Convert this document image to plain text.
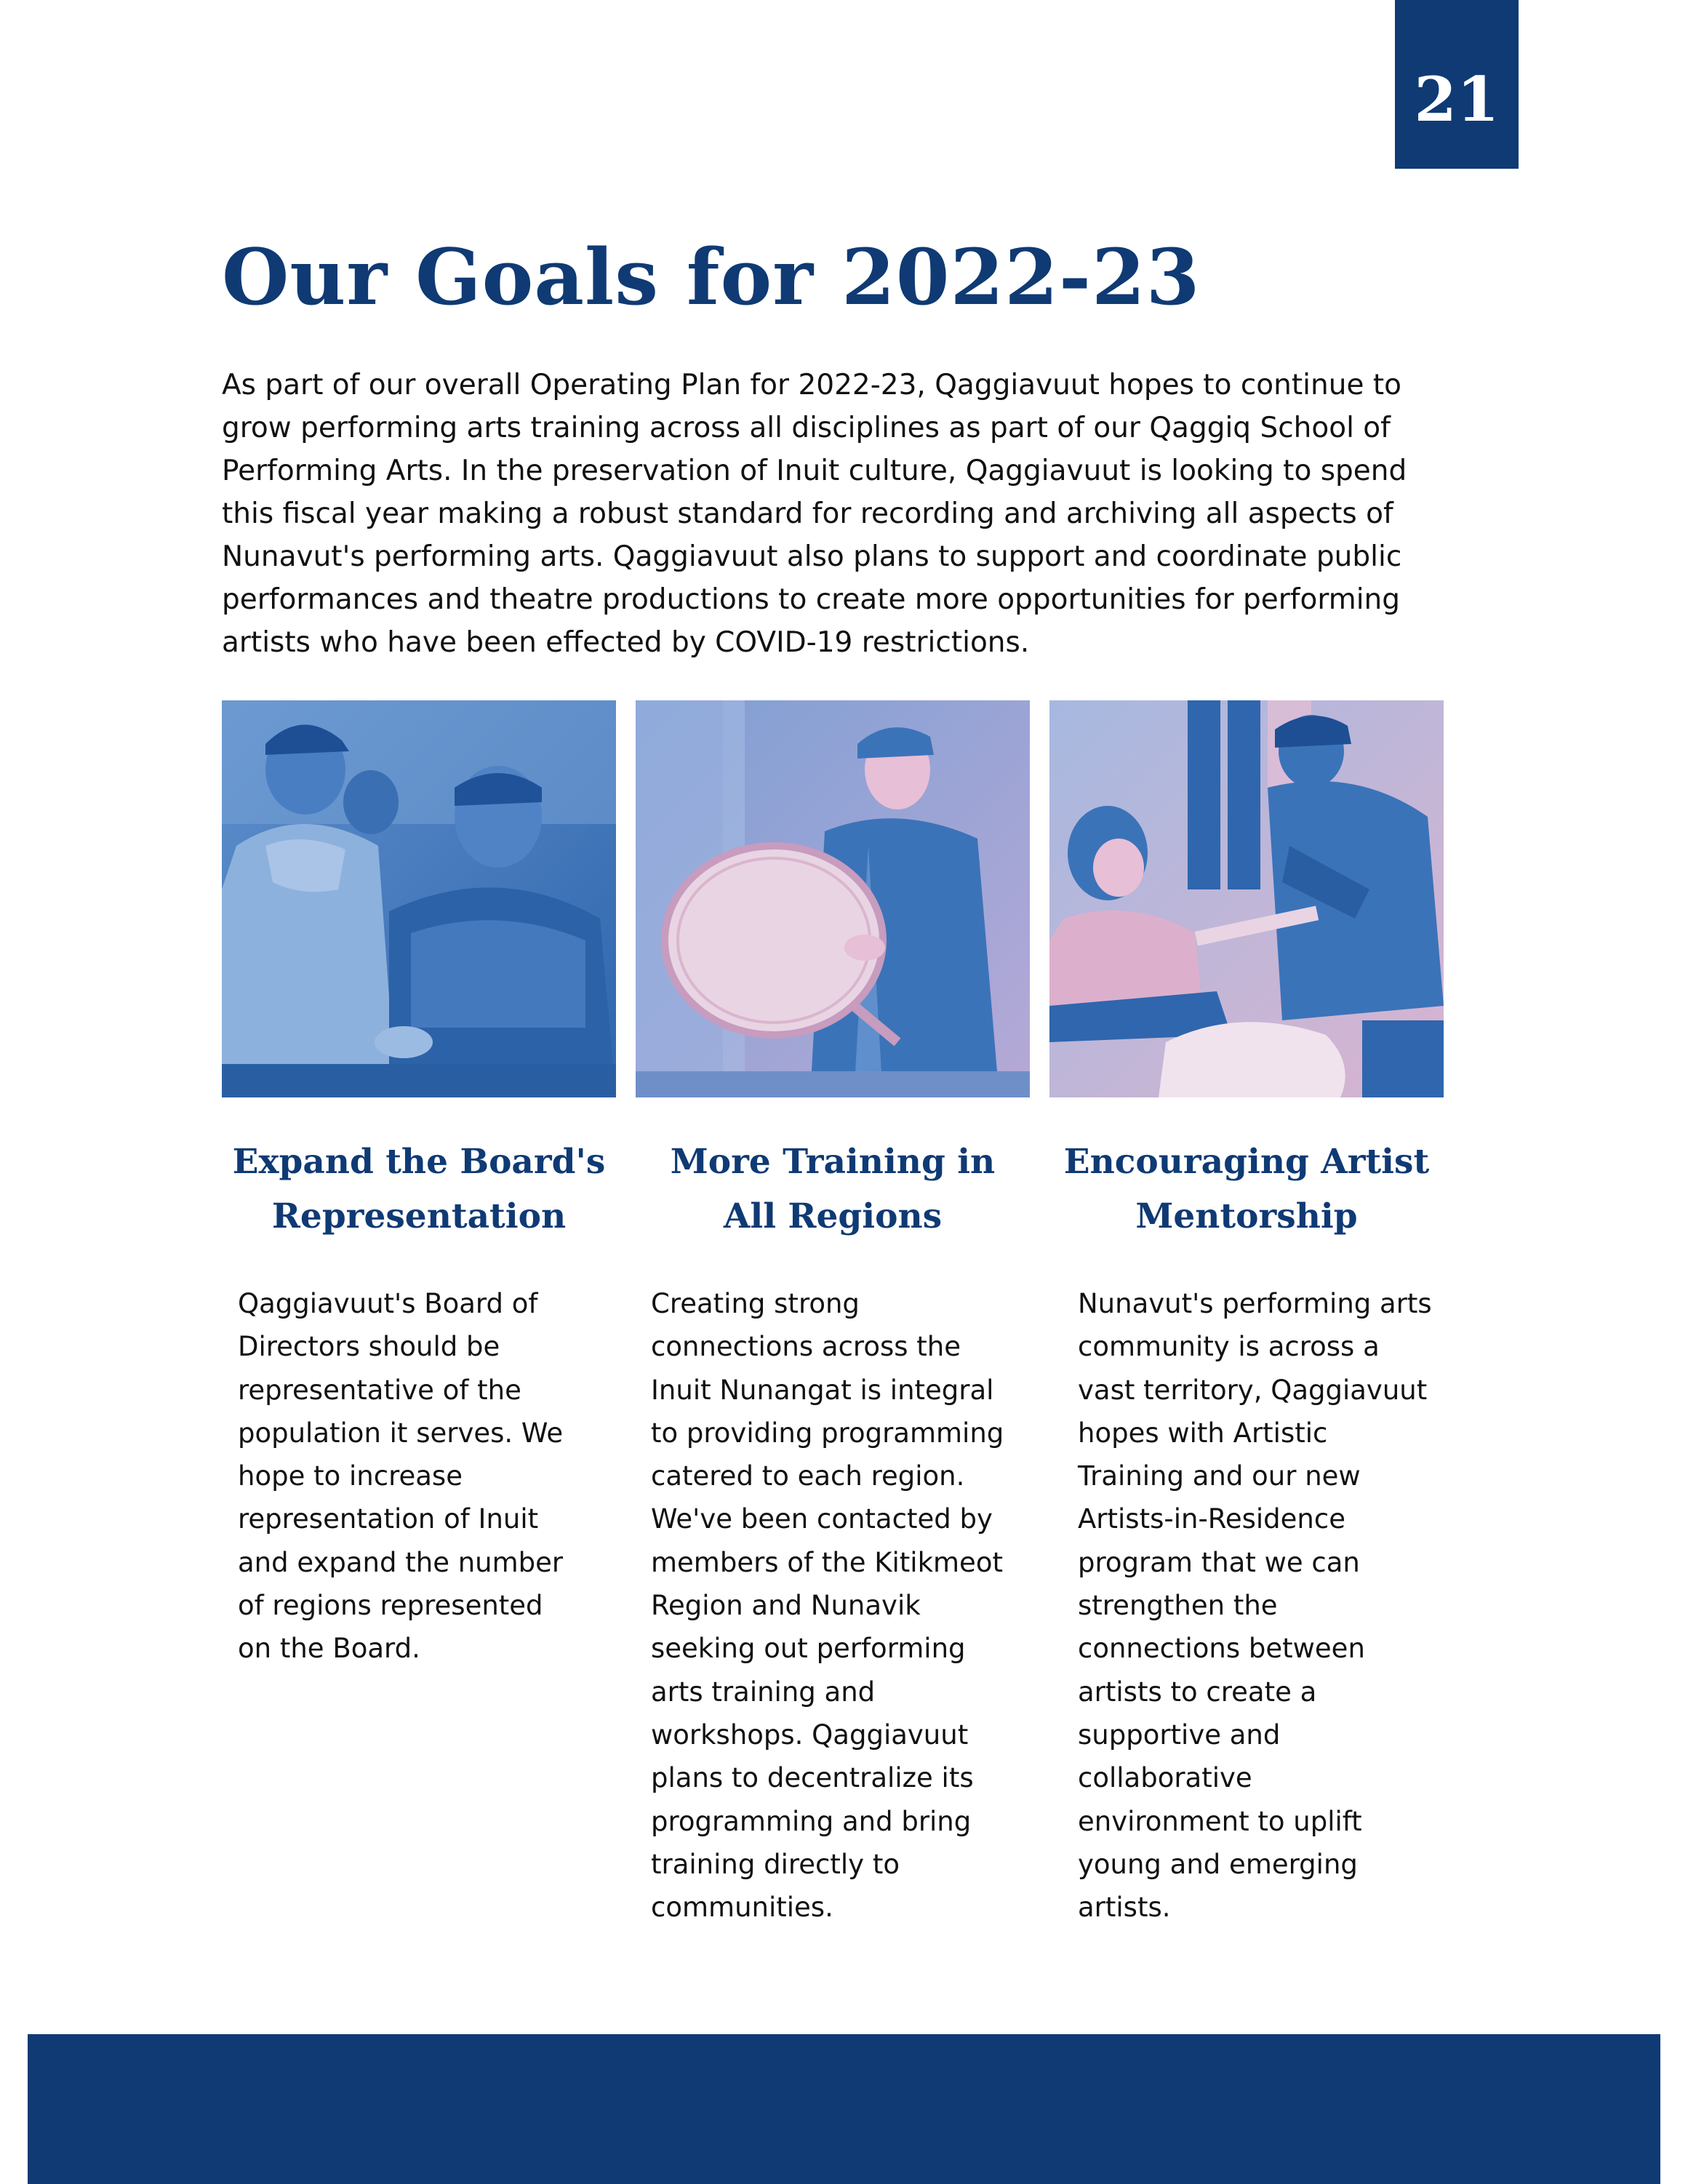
21
Our Goals for 2022-23

As part of our overall Operating Plan for 2022-23, Qaggiavuut hopes to continue to grow performing arts training across all disciplines as part of our Qaggiq School of Performing Arts. In the preservation of Inuit culture, Qaggiavuut is looking to spend this fiscal year making a robust standard for recording and archiving all aspects of Nunavut's performing arts. Qaggiavuut also plans to support and coordinate public performances and theatre productions to create more opportunities for performing artists who have been effected by COVID-19 restrictions.

Expand the Board's
Representation
More Training in
All Regions
Encouraging Artist
Mentorship
Qaggiavuut's Board of
Directors should be
representative of the
population it serves. We
hope to increase
representation of Inuit
and expand the number
of regions represented
on the Board.
Creating strong
connections across the
Inuit Nunangat is integral
to providing programming
catered to each region.
We've been contacted by
members of the Kitikmeot
Region and Nunavik
seeking out performing
arts training and
workshops. Qaggiavuut
plans to decentralize its
programming and bring
training directly to
communities.
Nunavut's performing arts
community is across a
vast territory, Qaggiavuut
hopes with Artistic
Training and our new
Artists-in-Residence
program that we can
strengthen the
connections between
artists to create a
supportive and
collaborative
environment to uplift
young and emerging
artists.
